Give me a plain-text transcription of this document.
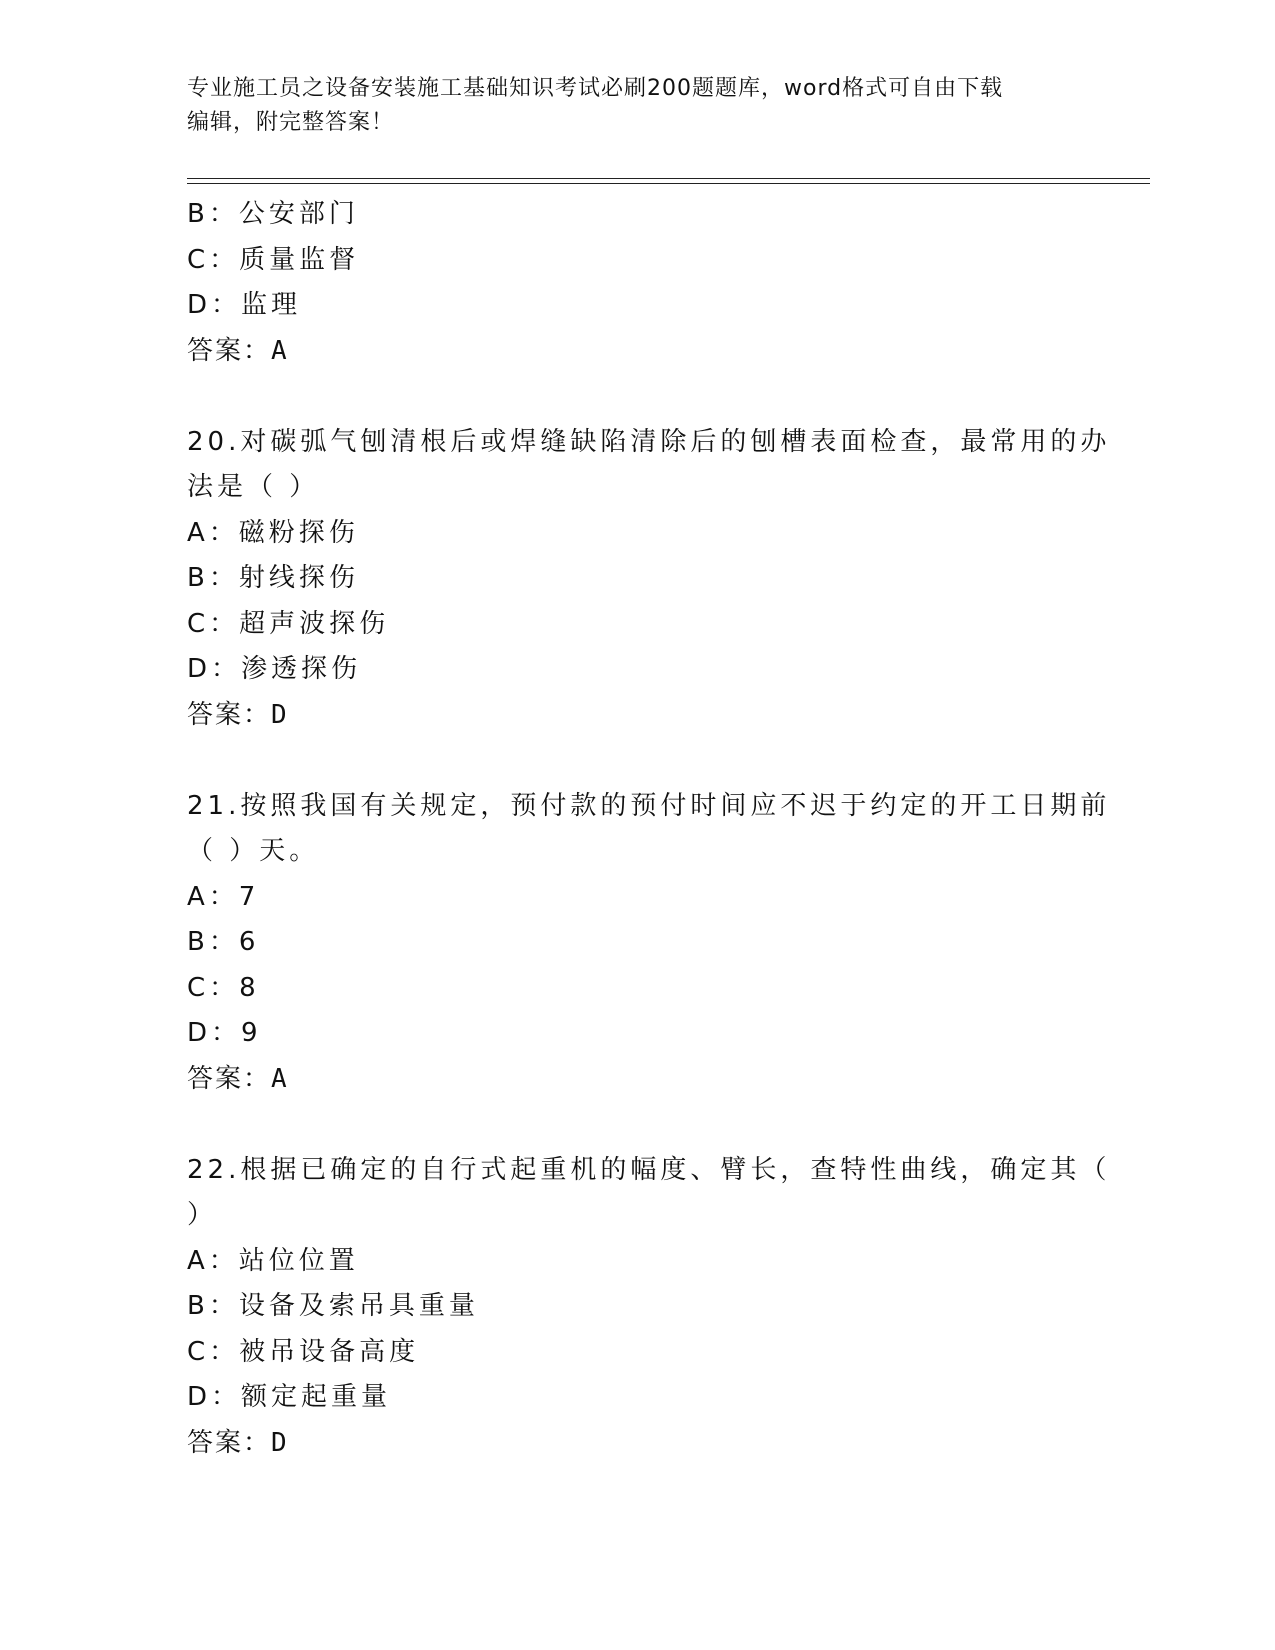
专业施工员之设备安装施工基础知识考试必刷200题题库，word格式可自由下载
编辑，附完整答案！
B：公安部门
C：质量监督
D：监理
答案：A
20.对碳弧气刨清根后或焊缝缺陷清除后的刨槽表面检查，最常用的办
法是（ ）
A：磁粉探伤
B：射线探伤
C：超声波探伤
D：渗透探伤
答案：D
21.按照我国有关规定，预付款的预付时间应不迟于约定的开工日期前
（ ）天。
A：7
B：6
C：8
D：9
答案：A
22.根据已确定的自行式起重机的幅度、臂长，查特性曲线，确定其（
）
A：站位位置
B：设备及索吊具重量
C：被吊设备高度
D：额定起重量
答案：D
